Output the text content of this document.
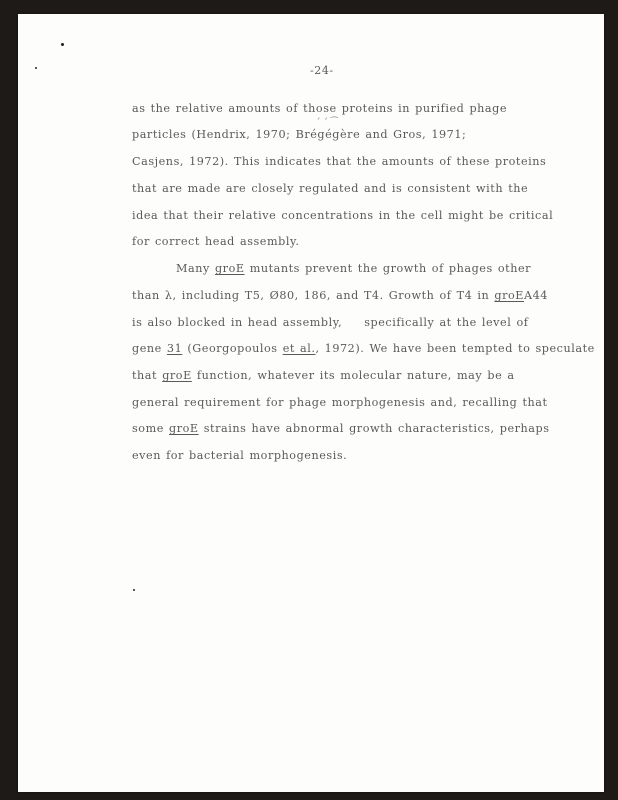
-24-

as the relative amounts of those proteins in purified phage

particles (Hendrix, 1970; Brégégère and Gros, 1971;

´ ´ ⁀

Casjens, 1972). This indicates that the amounts of these proteins

that are made are closely regulated and is consistent with the

idea that their relative concentrations in the cell might be critical

for correct head assembly.

Many groE mutants prevent the growth of phages other

than λ, including T5, Ø80, 186, and T4. Growth of T4 in groEA44

is also blocked in head assembly, specifically at the level of

gene 31 (Georgopoulos et al., 1972). We have been tempted to speculate

that groE function, whatever its molecular nature, may be a

general requirement for phage morphogenesis and, recalling that

some groE strains have abnormal growth characteristics, perhaps

even for bacterial morphogenesis.
